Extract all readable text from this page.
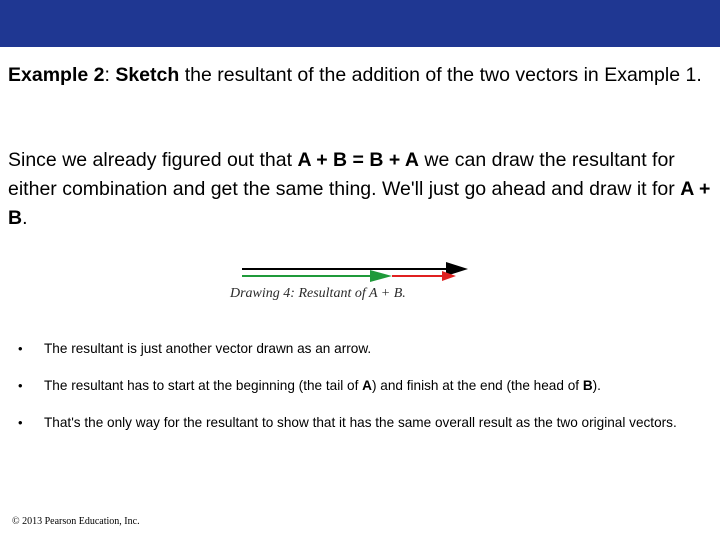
Example 2: Sketch the resultant of the addition of the two vectors in Example 1.

Since we already figured out that A + B = B + A we can draw the resultant for either combination and get the same thing. We'll just go ahead and draw it for A + B.

Drawing 4: Resultant of A + B.
• The resultant is just another vector drawn as an arrow.
• The resultant has to start at the beginning (the tail of A) and finish at the end (the head of B).
• That's the only way for the resultant to show that it has the same overall result as the two original vectors.
© 2013 Pearson Education, Inc.
